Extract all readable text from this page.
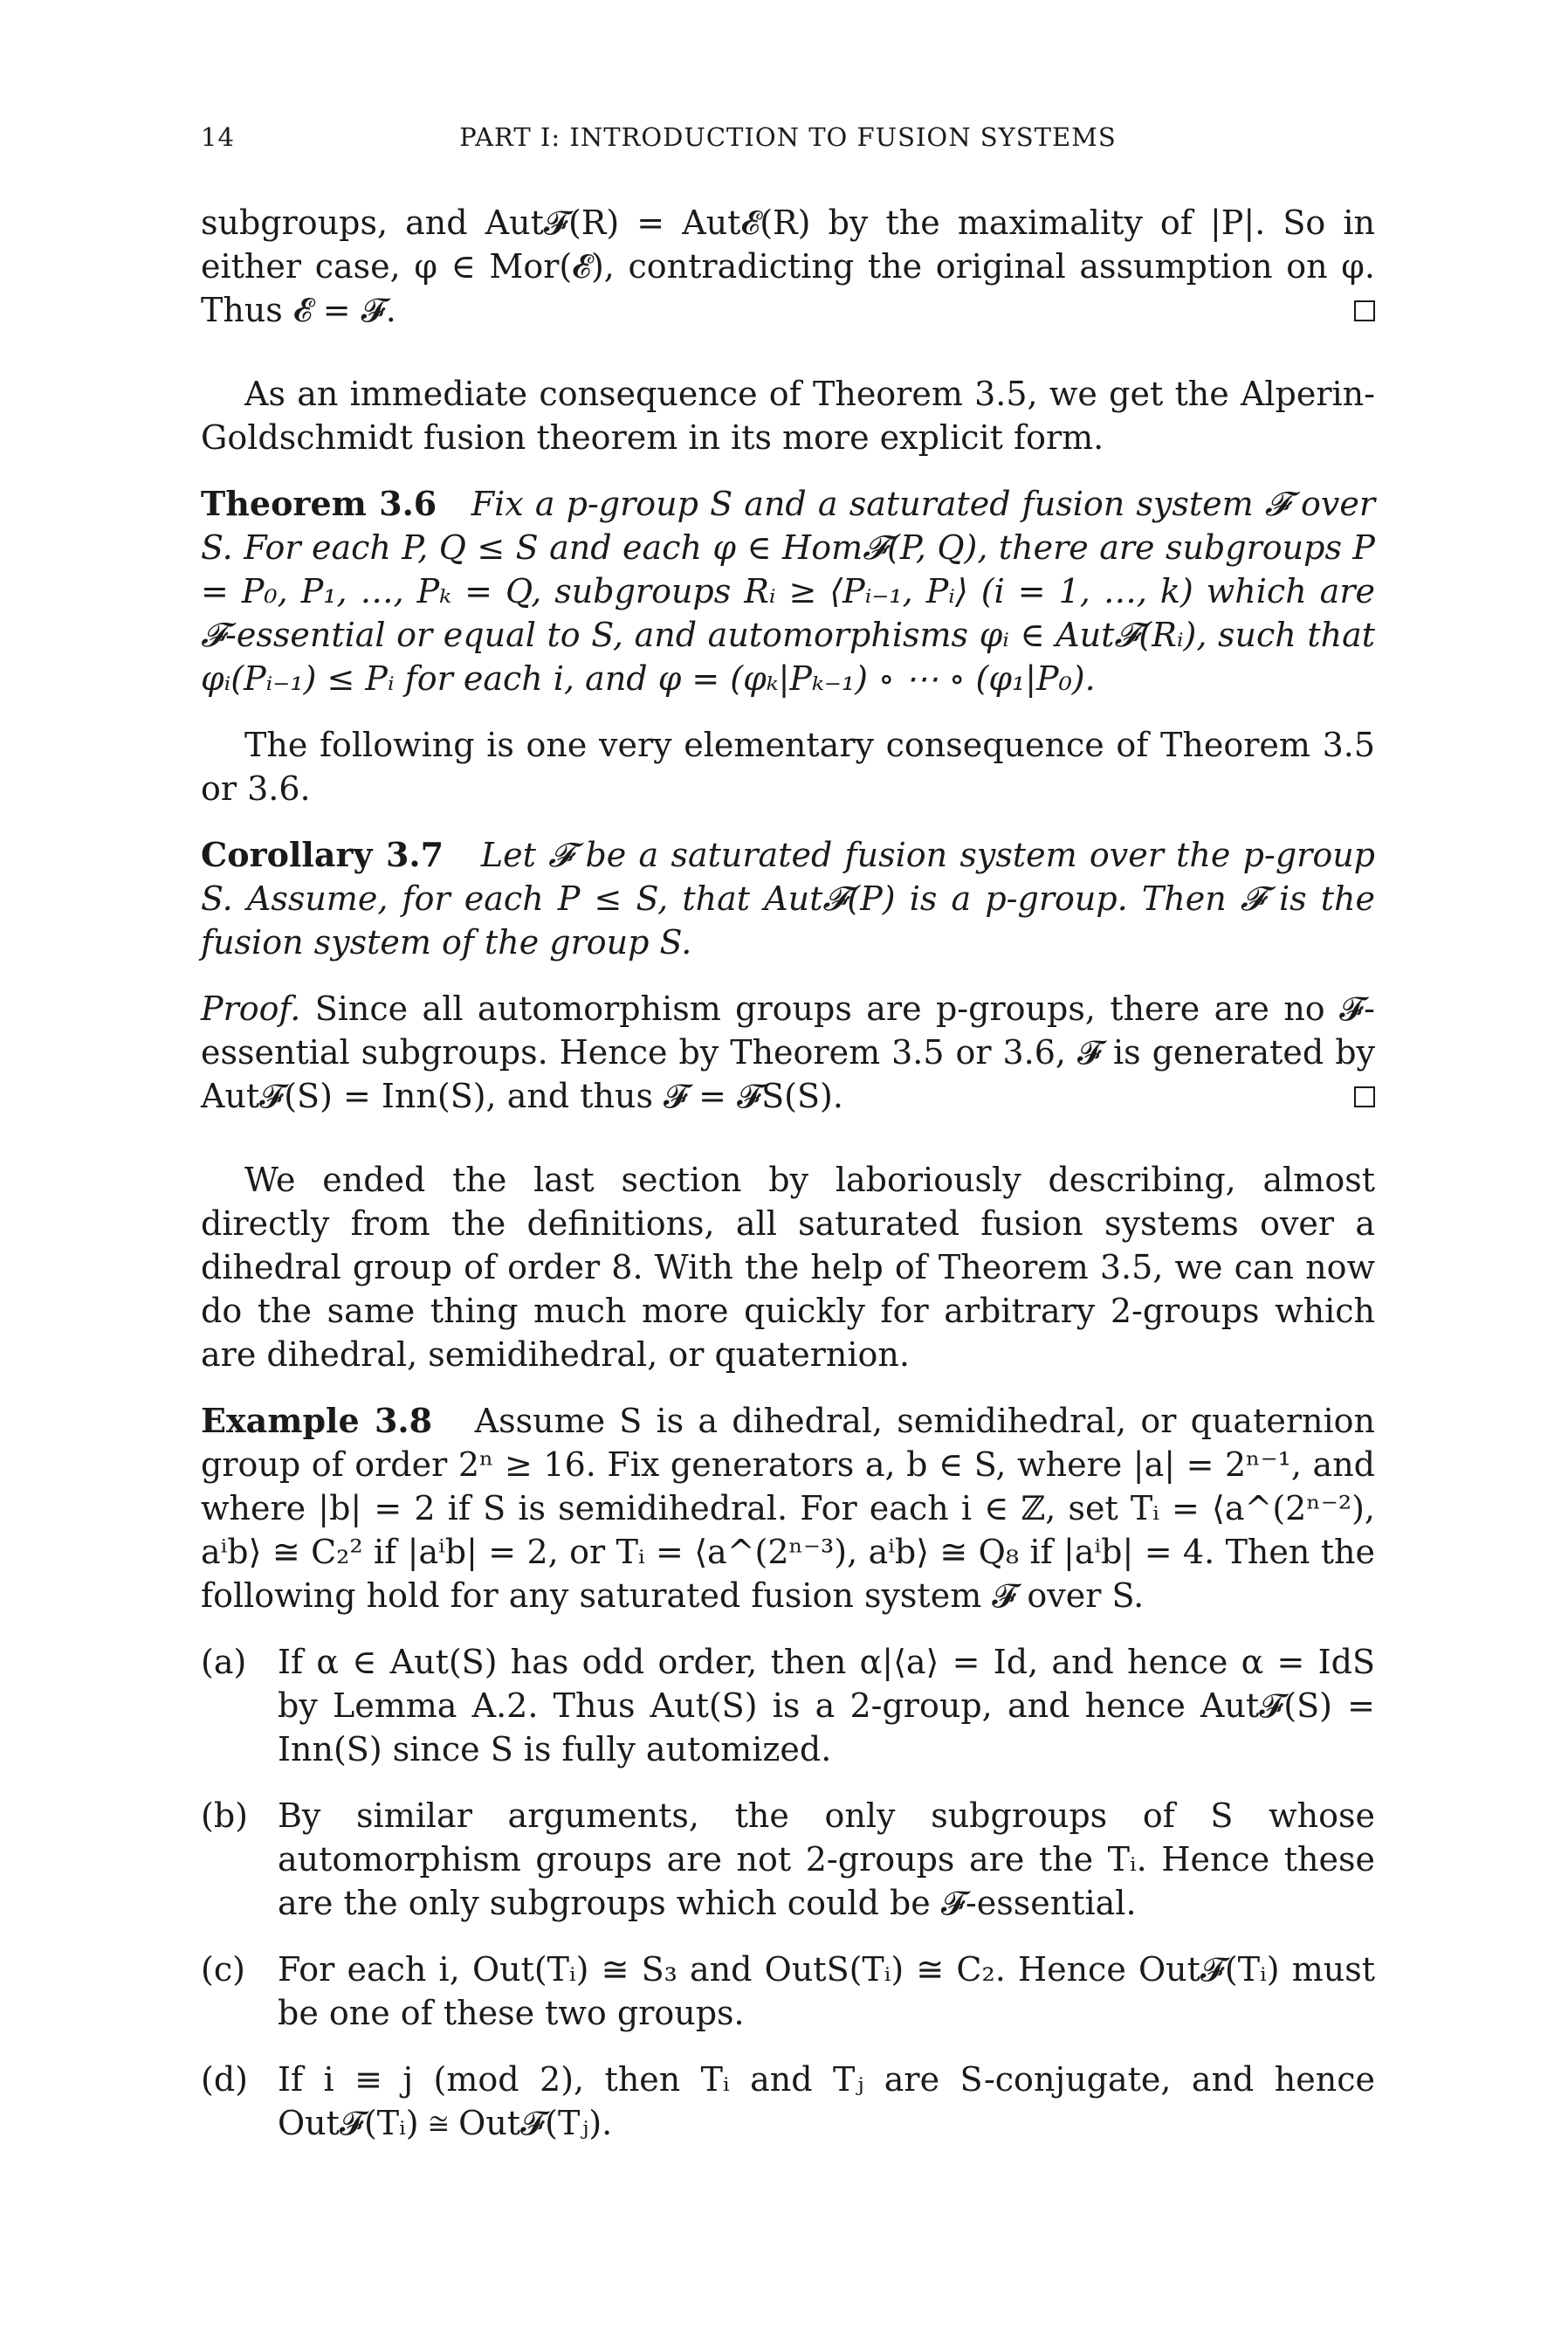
14	PART I: INTRODUCTION TO FUSION SYSTEMS

subgroups, and Aut𝓕(R) = Aut𝓔(R) by the maximality of |P|. So in either case, φ ∈ Mor(𝓔), contradicting the original assumption on φ. Thus 𝓔 = 𝓕.

As an immediate consequence of Theorem 3.5, we get the Alperin-Goldschmidt fusion theorem in its more explicit form.

Theorem 3.6 Fix a p-group S and a saturated fusion system 𝓕 over S. For each P, Q ≤ S and each φ ∈ Hom𝓕(P, Q), there are subgroups P = P₀, P₁, …, Pₖ = Q, subgroups Rᵢ ≥ ⟨Pᵢ₋₁, Pᵢ⟩ (i = 1, …, k) which are 𝓕-essential or equal to S, and automorphisms φᵢ ∈ Aut𝓕(Rᵢ), such that φᵢ(Pᵢ₋₁) ≤ Pᵢ for each i, and φ = (φₖ|Pₖ₋₁) ∘ ⋯ ∘ (φ₁|P₀).

The following is one very elementary consequence of Theorem 3.5 or 3.6.

Corollary 3.7 Let 𝓕 be a saturated fusion system over the p-group S. Assume, for each P ≤ S, that Aut𝓕(P) is a p-group. Then 𝓕 is the fusion system of the group S.

Proof. Since all automorphism groups are p-groups, there are no 𝓕-essential subgroups. Hence by Theorem 3.5 or 3.6, 𝓕 is generated by Aut𝓕(S) = Inn(S), and thus 𝓕 = 𝓕S(S).

We ended the last section by laboriously describing, almost directly from the definitions, all saturated fusion systems over a dihedral group of order 8. With the help of Theorem 3.5, we can now do the same thing much more quickly for arbitrary 2-groups which are dihedral, semidihedral, or quaternion.

Example 3.8 Assume S is a dihedral, semidihedral, or quaternion group of order 2ⁿ ≥ 16. Fix generators a, b ∈ S, where |a| = 2ⁿ⁻¹, and where |b| = 2 if S is semidihedral. For each i ∈ ℤ, set Tᵢ = ⟨a^(2ⁿ⁻²), aⁱb⟩ ≅ C₂² if |aⁱb| = 2, or Tᵢ = ⟨a^(2ⁿ⁻³), aⁱb⟩ ≅ Q₈ if |aⁱb| = 4. Then the following hold for any saturated fusion system 𝓕 over S.

(a) If α ∈ Aut(S) has odd order, then α|⟨a⟩ = Id, and hence α = IdS by Lemma A.2. Thus Aut(S) is a 2-group, and hence Aut𝓕(S) = Inn(S) since S is fully automized.
(b) By similar arguments, the only subgroups of S whose automorphism groups are not 2-groups are the Tᵢ. Hence these are the only subgroups which could be 𝓕-essential.
(c) For each i, Out(Tᵢ) ≅ S₃ and OutS(Tᵢ) ≅ C₂. Hence Out𝓕(Tᵢ) must be one of these two groups.
(d) If i ≡ j (mod 2), then Tᵢ and Tⱼ are S-conjugate, and hence Out𝓕(Tᵢ) ≅ Out𝓕(Tⱼ).
